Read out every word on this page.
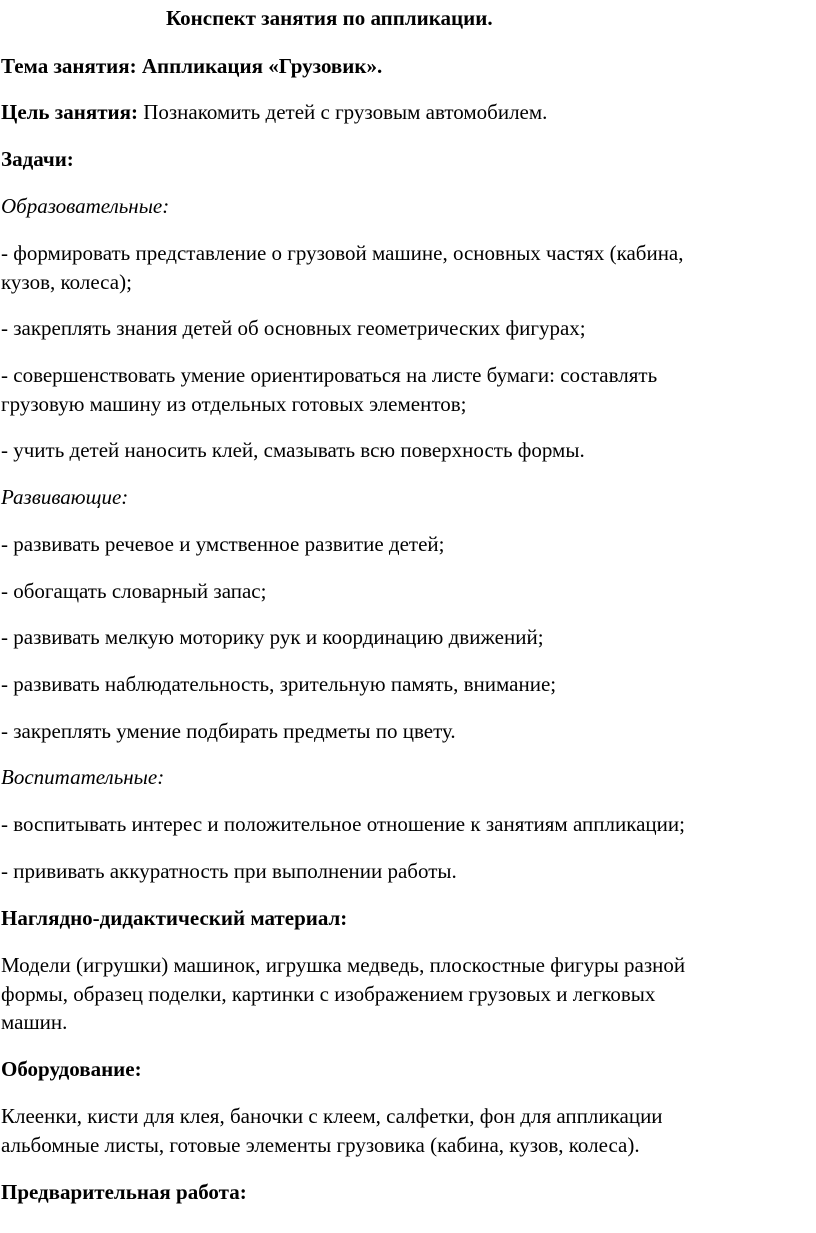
Конспект занятия по аппликации.
Тема занятия: Аппликация «Грузовик».
Цель занятия: Познакомить детей с грузовым автомобилем.
Задачи:
Образовательные:
- формировать представление о грузовой машине, основных частях (кабина,
кузов, колеса);
- закреплять знания детей об основных геометрических фигурах;
- совершенствовать умение ориентироваться на листе бумаги: составлять
грузовую машину из отдельных готовых элементов;
- учить детей наносить клей, смазывать всю поверхность формы.
Развивающие:
- развивать речевое и умственное развитие детей;
- обогащать словарный запас;
- развивать мелкую моторику рук и координацию движений;
- развивать наблюдательность, зрительную память, внимание;
- закреплять умение подбирать предметы по цвету.
Воспитательные:
- воспитывать интерес и положительное отношение к занятиям аппликации;
- прививать аккуратность при выполнении работы.
Наглядно-дидактический материал:
Модели (игрушки) машинок, игрушка медведь, плоскостные фигуры разной
формы, образец поделки, картинки с изображением грузовых и легковых
машин.
Оборудование:
Клеенки, кисти для клея, баночки с клеем, салфетки, фон для аппликации
альбомные листы, готовые элементы грузовика (кабина, кузов, колеса).
Предварительная работа:
